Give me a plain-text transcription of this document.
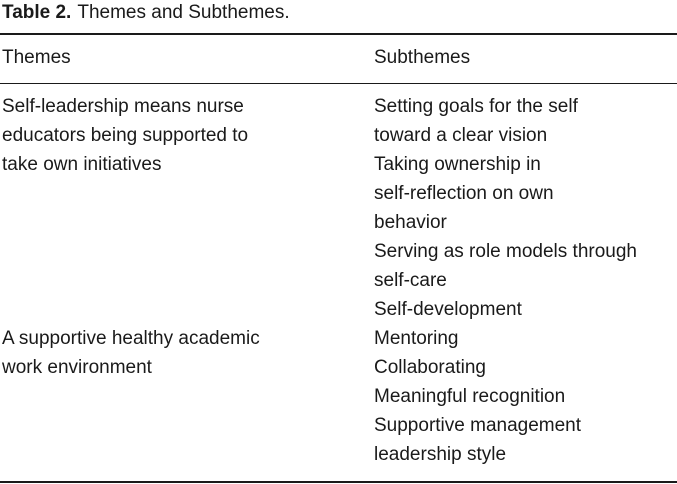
Table 2. Themes and Subthemes.
Themes	Subthemes
Self-leadership means nurse
educators being supported to
take own initiatives
Setting goals for the self
toward a clear vision
Taking ownership in
self-reflection on own
behavior
Serving as role models through
self-care
Self-development
A supportive healthy academic
work environment
Mentoring
Collaborating
Meaningful recognition
Supportive management
leadership style
